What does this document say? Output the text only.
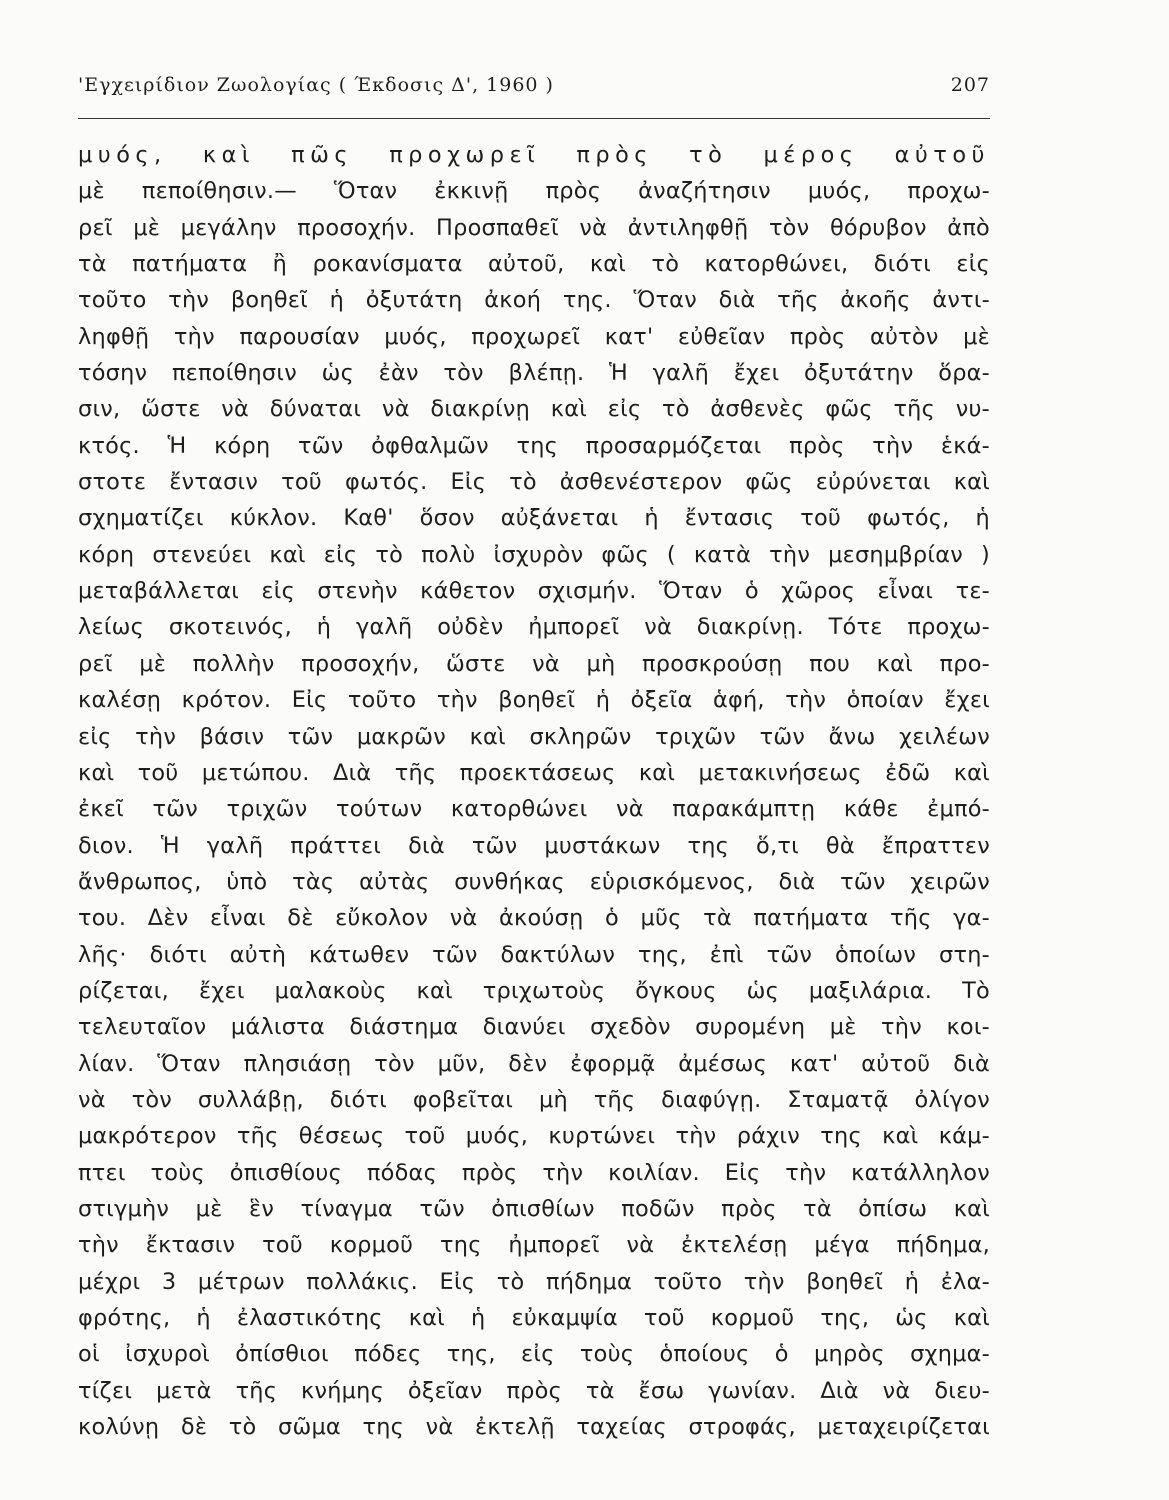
'Εγχειρίδιον Ζωολογίας ( Έκδοσις Δ', 1960 )	207
μυός, καὶ πῶς προχωρεῖ πρὸς τὸ μέρος αὐτοῦ
μὲ πεποίθησιν.— Ὅταν ἐκκινῇ πρὸς ἀναζήτησιν μυός, προχω-
ρεῖ μὲ μεγάλην προσοχήν. Προσπαθεῖ νὰ ἀντιληφθῇ τὸν θόρυβον ἀπὸ
τὰ πατήματα ἢ ροκανίσματα αὐτοῦ, καὶ τὸ κατορθώνει, διότι εἰς
τοῦτο τὴν βοηθεῖ ἡ ὀξυτάτη ἀκοή της. Ὅταν διὰ τῆς ἀκοῆς ἀντι-
ληφθῇ τὴν παρουσίαν μυός, προχωρεῖ κατ' εὐθεῖαν πρὸς αὐτὸν μὲ
τόσην πεποίθησιν ὡς ἐὰν τὸν βλέπῃ. Ἡ γαλῆ ἔχει ὀξυτάτην ὅρα-
σιν, ὥστε νὰ δύναται νὰ διακρίνῃ καὶ εἰς τὸ ἀσθενὲς φῶς τῆς νυ-
κτός. Ἡ κόρη τῶν ὀφθαλμῶν της προσαρμόζεται πρὸς τὴν ἑκά-
στοτε ἔντασιν τοῦ φωτός. Εἰς τὸ ἀσθενέστερον φῶς εὐρύνεται καὶ
σχηματίζει κύκλον. Καθ' ὅσον αὐξάνεται ἡ ἔντασις τοῦ φωτός, ἡ
κόρη στενεύει καὶ εἰς τὸ πολὺ ἰσχυρὸν φῶς ( κατὰ τὴν μεσημβρίαν )
μεταβάλλεται εἰς στενὴν κάθετον σχισμήν. Ὅταν ὁ χῶρος εἶναι τε-
λείως σκοτεινός, ἡ γαλῆ οὐδὲν ἠμπορεῖ νὰ διακρίνῃ. Τότε προχω-
ρεῖ μὲ πολλὴν προσοχήν, ὥστε νὰ μὴ προσκρούσῃ που καὶ προ-
καλέσῃ κρότον. Εἰς τοῦτο τὴν βοηθεῖ ἡ ὀξεῖα ἁφή, τὴν ὁποίαν ἔχει
εἰς τὴν βάσιν τῶν μακρῶν καὶ σκληρῶν τριχῶν τῶν ἄνω χειλέων
καὶ τοῦ μετώπου. Διὰ τῆς προεκτάσεως καὶ μετακινήσεως ἐδῶ καὶ
ἐκεῖ τῶν τριχῶν τούτων κατορθώνει νὰ παρακάμπτῃ κάθε ἐμπό-
διον. Ἡ γαλῆ πράττει διὰ τῶν μυστάκων της ὅ,τι θὰ ἔπραττεν
ἄνθρωπος, ὑπὸ τὰς αὐτὰς συνθήκας εὑρισκόμενος, διὰ τῶν χειρῶν
του. Δὲν εἶναι δὲ εὔκολον νὰ ἀκούσῃ ὁ μῦς τὰ πατήματα τῆς γα-
λῆς· διότι αὐτὴ κάτωθεν τῶν δακτύλων της, ἐπὶ τῶν ὁποίων στη-
ρίζεται, ἔχει μαλακοὺς καὶ τριχωτοὺς ὄγκους ὡς μαξιλάρια. Τὸ
τελευταῖον μάλιστα διάστημα διανύει σχεδὸν συρομένη μὲ τὴν κοι-
λίαν. Ὅταν πλησιάσῃ τὸν μῦν, δὲν ἐφορμᾷ ἀμέσως κατ' αὐτοῦ διὰ
νὰ τὸν συλλάβῃ, διότι φοβεῖται μὴ τῆς διαφύγῃ. Σταματᾷ ὀλίγον
μακρότερον τῆς θέσεως τοῦ μυός, κυρτώνει τὴν ράχιν της καὶ κάμ-
πτει τοὺς ὀπισθίους πόδας πρὸς τὴν κοιλίαν. Εἰς τὴν κατάλληλον
στιγμὴν μὲ ἓν τίναγμα τῶν ὀπισθίων ποδῶν πρὸς τὰ ὀπίσω καὶ
τὴν ἔκτασιν τοῦ κορμοῦ της ἠμπορεῖ νὰ ἐκτελέσῃ μέγα πήδημα,
μέχρι 3 μέτρων πολλάκις. Εἰς τὸ πήδημα τοῦτο τὴν βοηθεῖ ἡ ἐλα-
φρότης, ἡ ἐλαστικότης καὶ ἡ εὐκαμψία τοῦ κορμοῦ της, ὡς καὶ
οἱ ἰσχυροὶ ὀπίσθιοι πόδες της, εἰς τοὺς ὁποίους ὁ μηρὸς σχημα-
τίζει μετὰ τῆς κνήμης ὀξεῖαν πρὸς τὰ ἔσω γωνίαν. Διὰ νὰ διευ-
κολύνῃ δὲ τὸ σῶμα της νὰ ἐκτελῇ ταχείας στροφάς, μεταχειρίζεται
